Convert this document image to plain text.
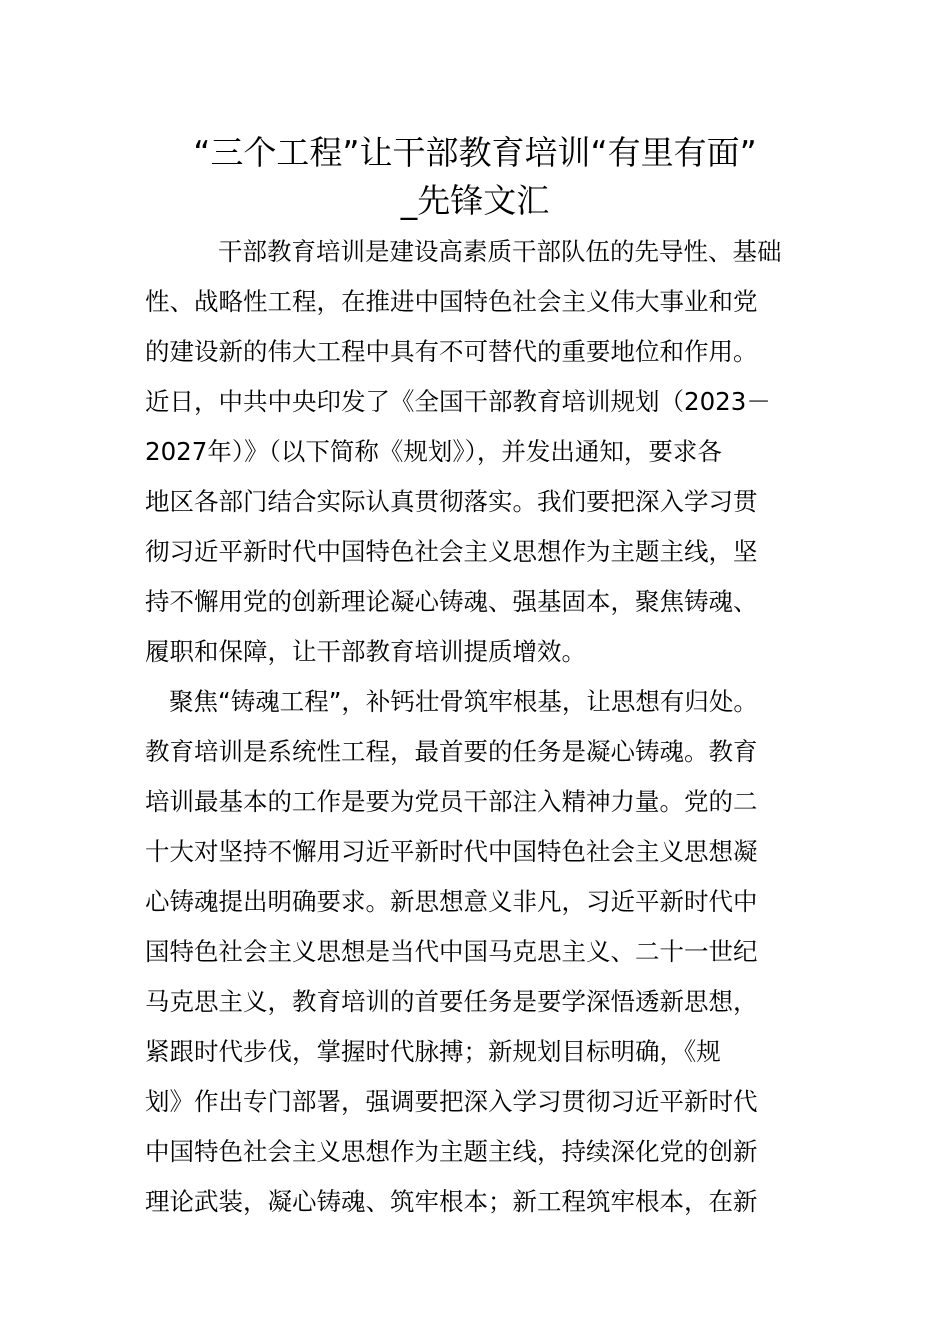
“三个工程”让干部教育培训“有里有面”
_先锋文汇

干部教育培训是建设高素质干部队伍的先导性、基础

性、战略性工程，在推进中国特色社会主义伟大事业和党

的建设新的伟大工程中具有不可替代的重要地位和作用。

近日，中共中央印发了《全国干部教育培训规划（2023－

2027年）》（以下简称《规划》），并发出通知，要求各

地区各部门结合实际认真贯彻落实。我们要把深入学习贯

彻习近平新时代中国特色社会主义思想作为主题主线，坚

持不懈用党的创新理论凝心铸魂、强基固本，聚焦铸魂、

履职和保障，让干部教育培训提质增效。

聚焦“铸魂工程”，补钙壮骨筑牢根基，让思想有归处。

教育培训是系统性工程，最首要的任务是凝心铸魂。教育

培训最基本的工作是要为党员干部注入精神力量。党的二

十大对坚持不懈用习近平新时代中国特色社会主义思想凝

心铸魂提出明确要求。新思想意义非凡，习近平新时代中

国特色社会主义思想是当代中国马克思主义、二十一世纪

马克思主义，教育培训的首要任务是要学深悟透新思想，

紧跟时代步伐，掌握时代脉搏；新规划目标明确，《规

划》作出专门部署，强调要把深入学习贯彻习近平新时代

中国特色社会主义思想作为主题主线，持续深化党的创新

理论武装，凝心铸魂、筑牢根本；新工程筑牢根本，在新
